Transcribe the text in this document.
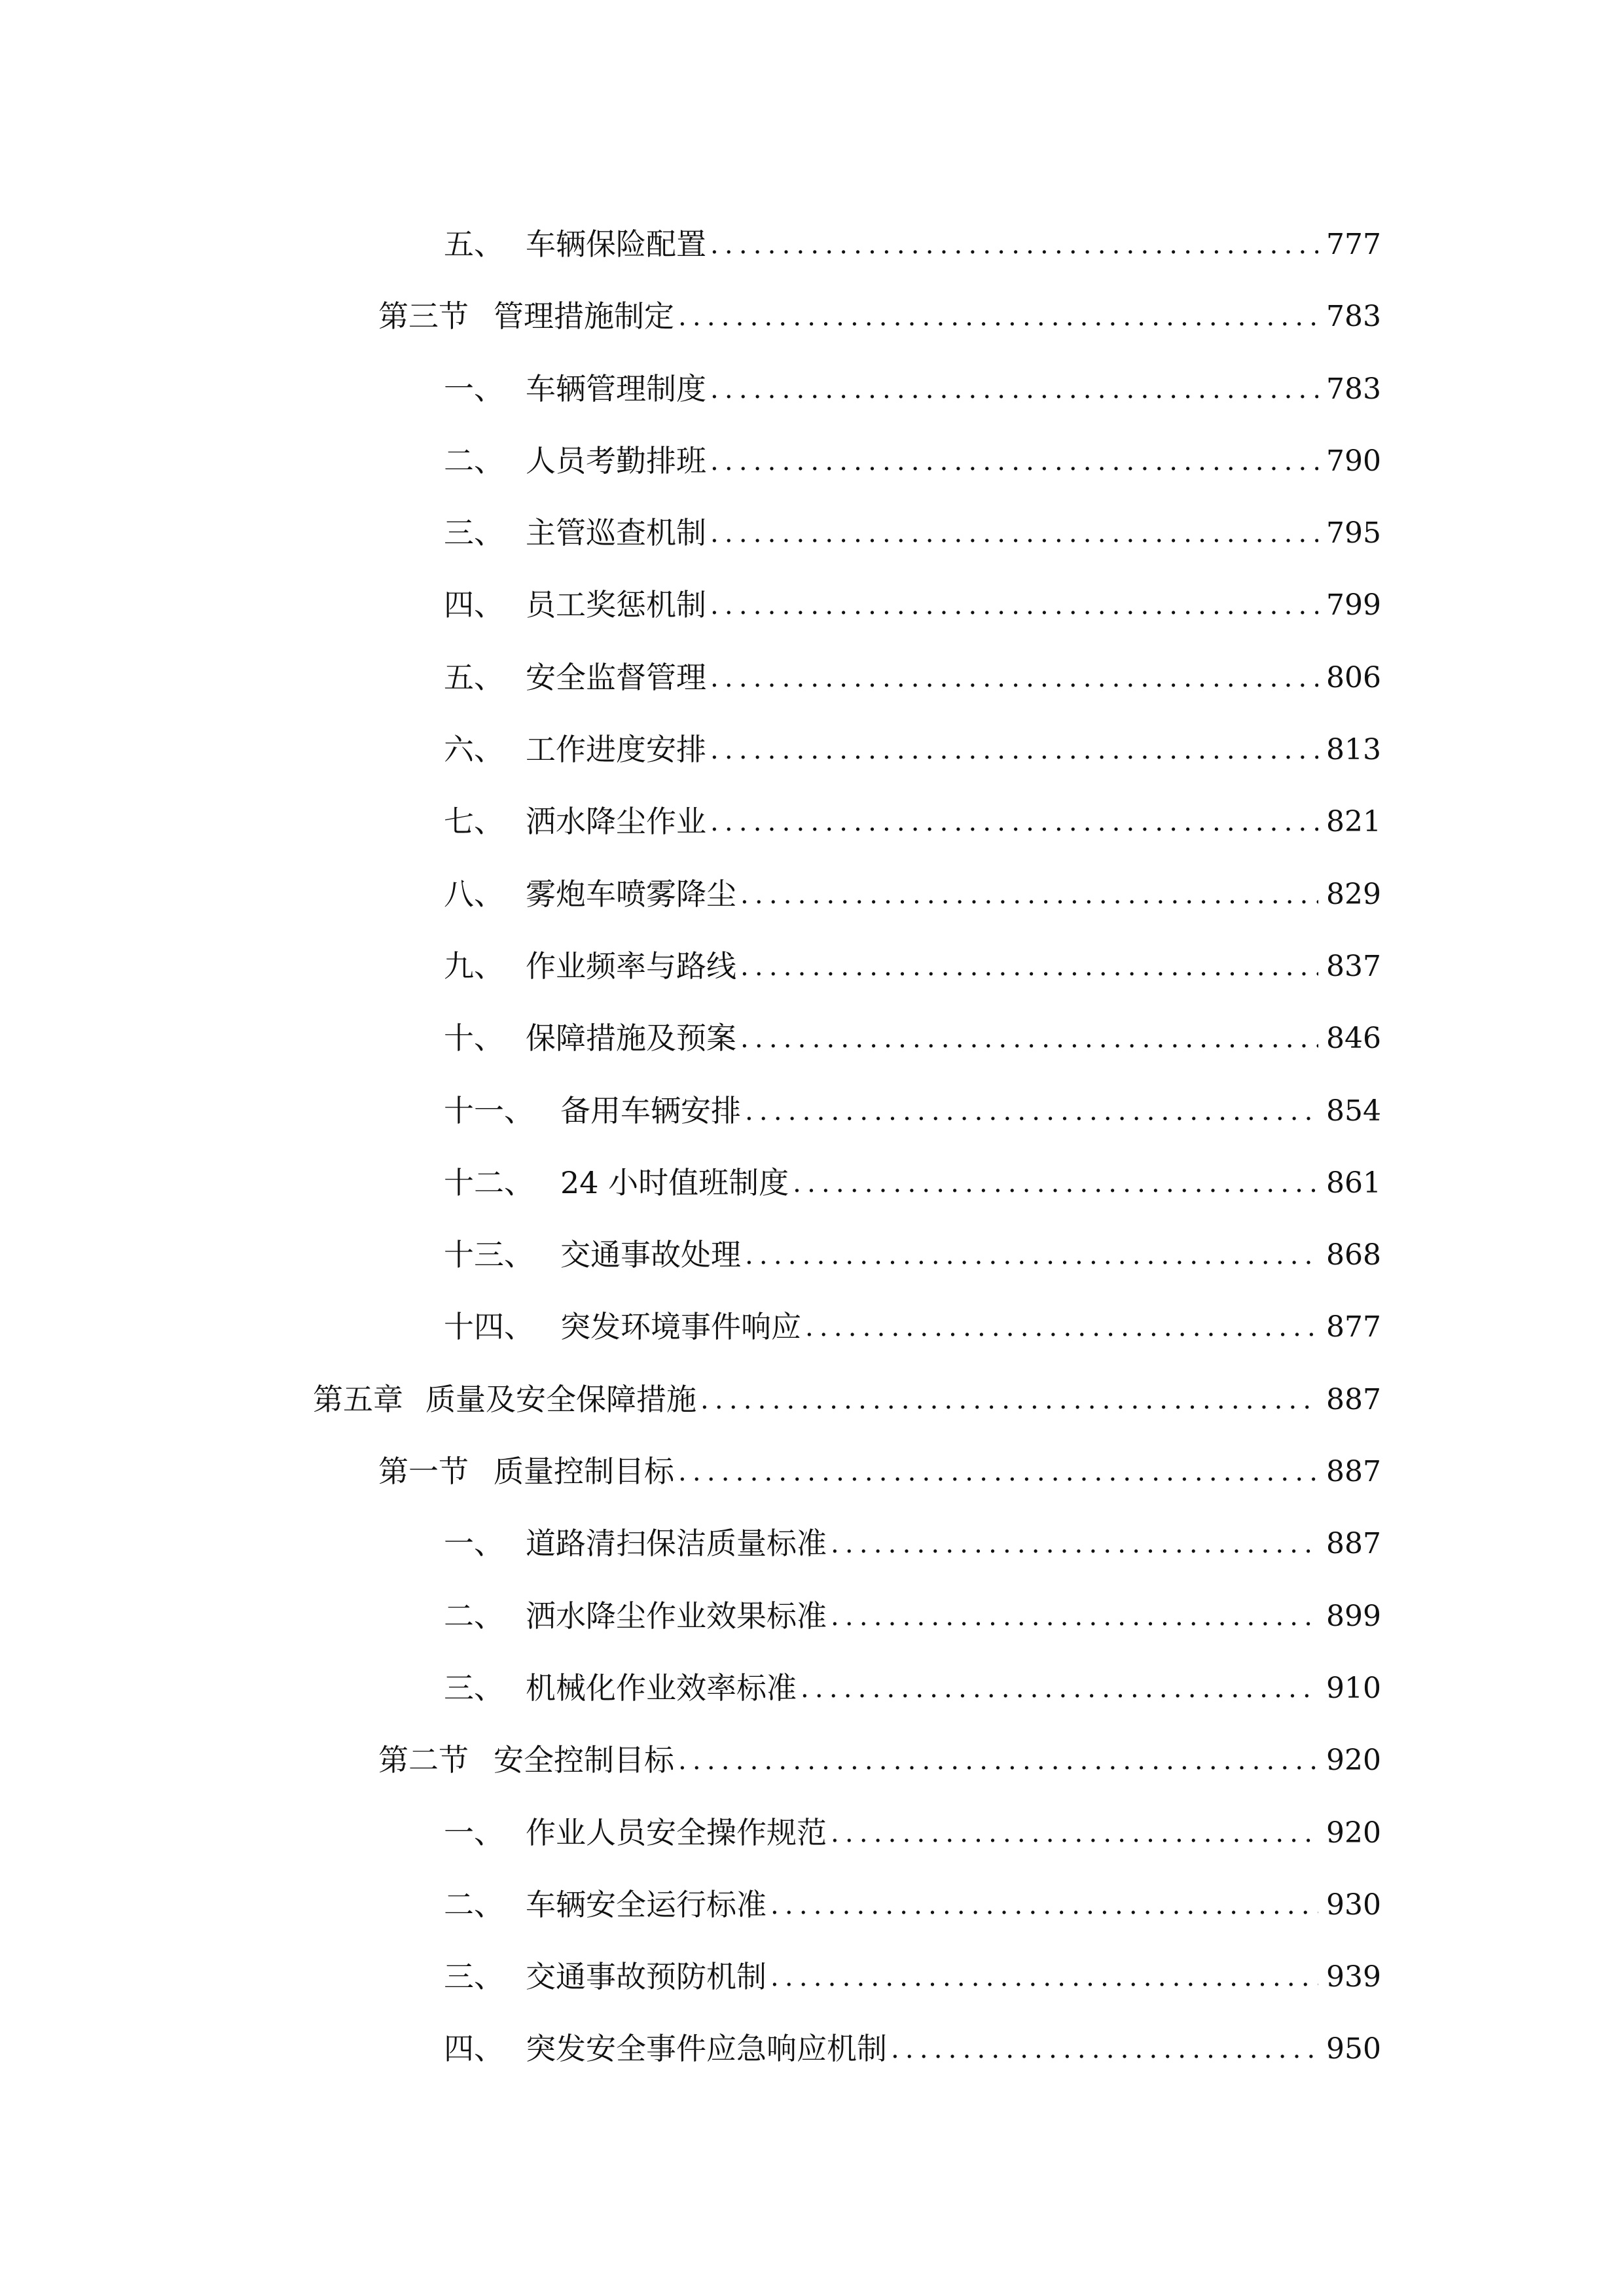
五、 车辆保险配置 .....	777
第三节 管理措施制定 .....	783
一、 车辆管理制度 .....	783
二、 人员考勤排班 .....	790
三、 主管巡查机制 .....	795
四、 员工奖惩机制 .....	799
五、 安全监督管理 .....	806
六、 工作进度安排 .....	813
七、 洒水降尘作业 .....	821
八、 雾炮车喷雾降尘 .....	829
九、 作业频率与路线 .....	837
十、 保障措施及预案 .....	846
十一、 备用车辆安排 .....	854
十二、 24 小时值班制度 .....	861
十三、 交通事故处理 .....	868
十四、 突发环境事件响应 .....	877
第五章 质量及安全保障措施 .....	887
第一节 质量控制目标 .....	887
一、 道路清扫保洁质量标准 .....	887
二、 洒水降尘作业效果标准 .....	899
三、 机械化作业效率标准 .....	910
第二节 安全控制目标 .....	920
一、 作业人员安全操作规范 .....	920
二、 车辆安全运行标准 .....	930
三、 交通事故预防机制 .....	939
四、 突发安全事件应急响应机制 .....	950
